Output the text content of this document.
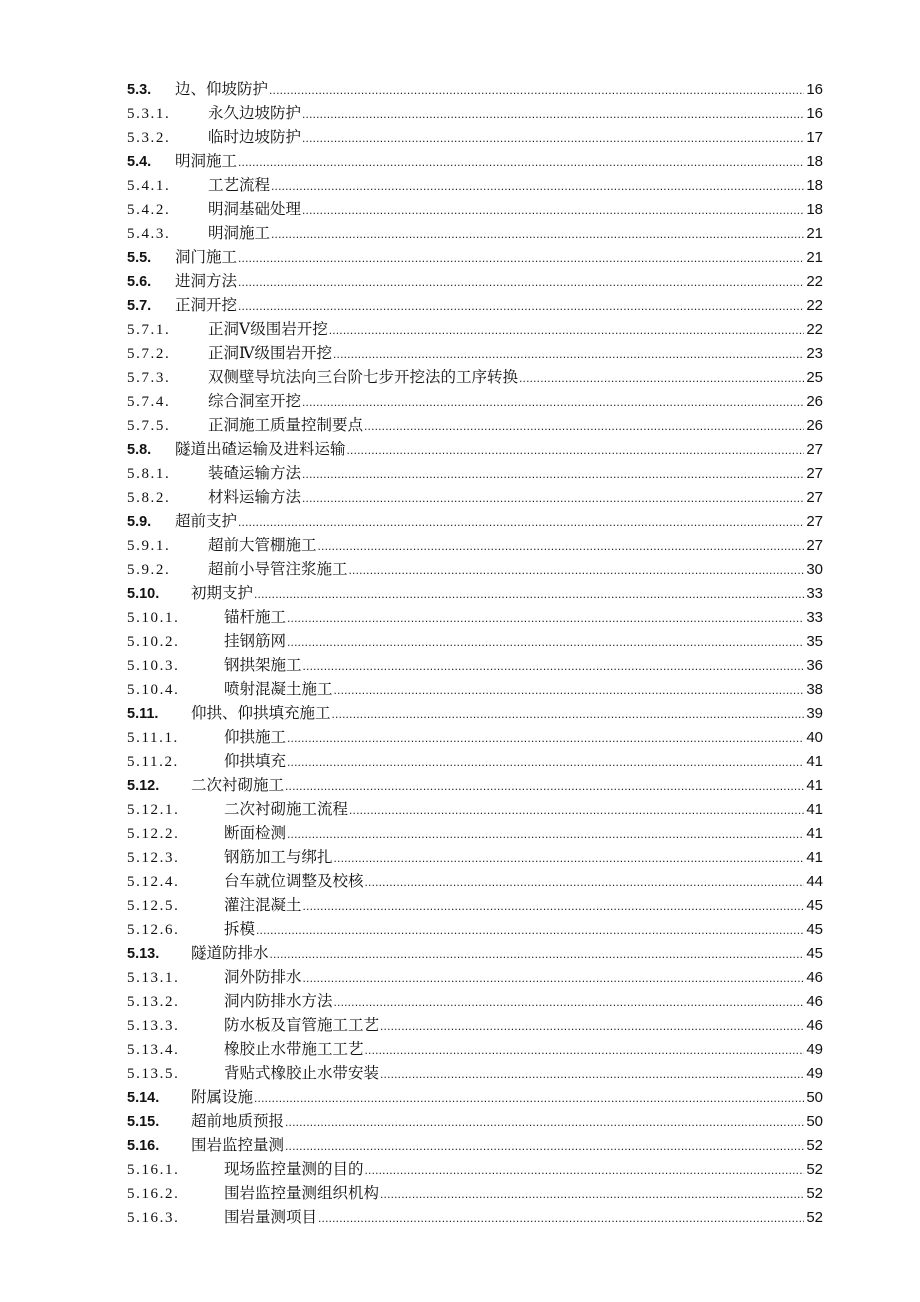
5.3.	边、仰坡防护 .....	16
5.3.1.	永久边坡防护 .....	16
5.3.2.	临时边坡防护 .....	17
5.4.	明洞施工 .....	18
5.4.1.	工艺流程 .....	18
5.4.2.	明洞基础处理 .....	18
5.4.3.	明洞施工 .....	21
5.5.	洞门施工 .....	21
5.6.	进洞方法 .....	22
5.7.	正洞开挖 .....	22
5.7.1.	正洞Ⅴ级围岩开挖 .....	22
5.7.2.	正洞Ⅳ级围岩开挖 .....	23
5.7.3.	双侧壁导坑法向三台阶七步开挖法的工序转换 .....	25
5.7.4.	综合洞室开挖 .....	26
5.7.5.	正洞施工质量控制要点 .....	26
5.8.	隧道出碴运输及进料运输 .....	27
5.8.1.	装碴运输方法 .....	27
5.8.2.	材料运输方法 .....	27
5.9.	超前支护 .....	27
5.9.1.	超前大管棚施工 .....	27
5.9.2.	超前小导管注浆施工 .....	30
5.10.	初期支护 .....	33
5.10.1.	锚杆施工 .....	33
5.10.2.	挂钢筋网 .....	35
5.10.3.	钢拱架施工 .....	36
5.10.4.	喷射混凝土施工 .....	38
5.11.	仰拱、仰拱填充施工 .....	39
5.11.1.	仰拱施工 .....	40
5.11.2.	仰拱填充 .....	41
5.12.	二次衬砌施工 .....	41
5.12.1.	二次衬砌施工流程 .....	41
5.12.2.	断面检测 .....	41
5.12.3.	钢筋加工与绑扎 .....	41
5.12.4.	台车就位调整及校核 .....	44
5.12.5.	灌注混凝土 .....	45
5.12.6.	拆模 .....	45
5.13.	隧道防排水 .....	45
5.13.1.	洞外防排水 .....	46
5.13.2.	洞内防排水方法 .....	46
5.13.3.	防水板及盲管施工工艺 .....	46
5.13.4.	橡胶止水带施工工艺 .....	49
5.13.5.	背贴式橡胶止水带安装 .....	49
5.14.	附属设施 .....	50
5.15.	超前地质预报 .....	50
5.16.	围岩监控量测 .....	52
5.16.1.	现场监控量测的目的 .....	52
5.16.2.	围岩监控量测组织机构 .....	52
5.16.3.	围岩量测项目 .....	52
